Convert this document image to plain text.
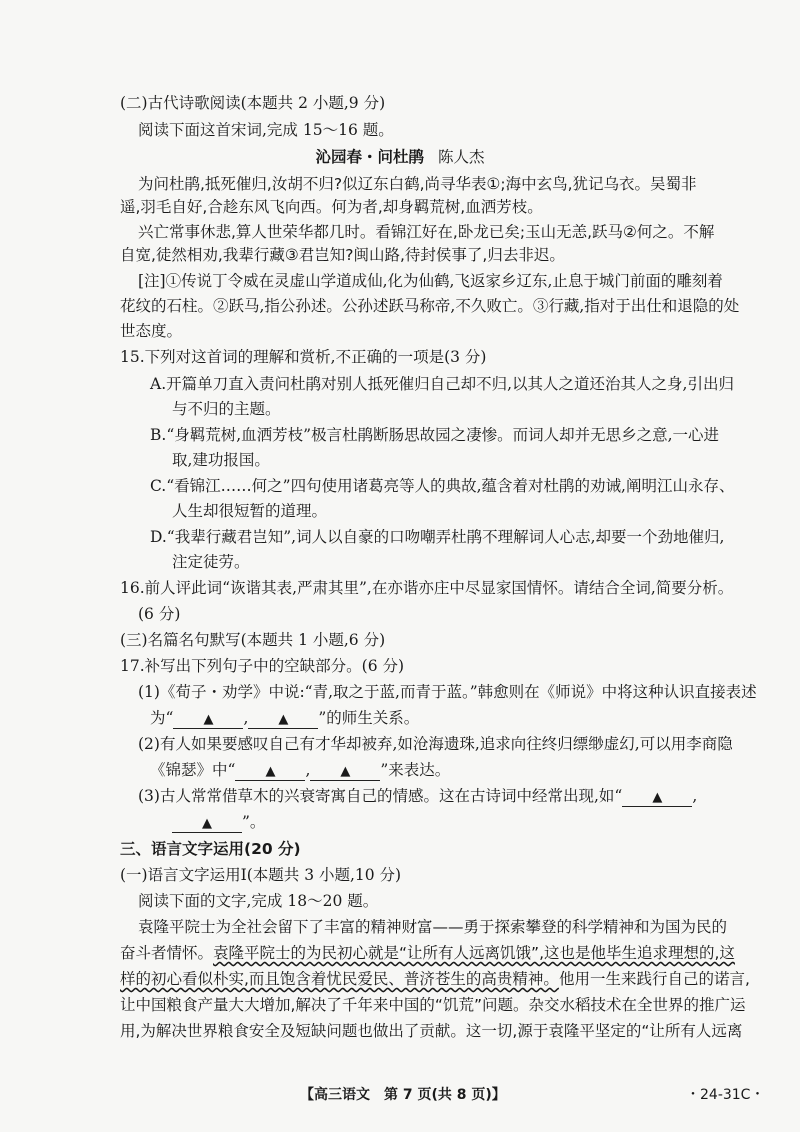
(二)古代诗歌阅读(本题共 2 小题,9 分)
阅读下面这首宋词,完成 15～16 题。
沁园春・问杜鹃 陈人杰
为问杜鹃,抵死催归,汝胡不归?似辽东白鹤,尚寻华表①;海中玄鸟,犹记乌衣。吴蜀非
遥,羽毛自好,合趁东风飞向西。何为者,却身羁荒树,血洒芳枝。
兴亡常事休悲,算人世荣华都几时。看锦江好在,卧龙已矣;玉山无恙,跃马②何之。不解
自宽,徒然相劝,我辈行藏③君岂知?闽山路,待封侯事了,归去非迟。
[注]①传说丁令威在灵虚山学道成仙,化为仙鹤,飞返家乡辽东,止息于城门前面的雕刻着
花纹的石柱。②跃马,指公孙述。公孙述跃马称帝,不久败亡。③行藏,指对于出仕和退隐的处
世态度。
15.下列对这首词的理解和赏析,不正确的一项是(3 分)
A.开篇单刀直入责问杜鹃对别人抵死催归自己却不归,以其人之道还治其人之身,引出归
与不归的主题。
B.“身羁荒树,血洒芳枝”极言杜鹃断肠思故园之凄惨。而词人却并无思乡之意,一心进
取,建功报国。
C.“看锦江……何之”四句使用诸葛亮等人的典故,蕴含着对杜鹃的劝诫,阐明江山永存、
人生却很短暂的道理。
D.“我辈行藏君岂知”,词人以自豪的口吻嘲弄杜鹃不理解词人心志,却要一个劲地催归,
注定徒劳。
16.前人评此词“诙谐其表,严肃其里”,在亦谐亦庄中尽显家国情怀。请结合全词,简要分析。
(6 分)
(三)名篇名句默写(本题共 1 小题,6 分)
17.补写出下列句子中的空缺部分。(6 分)
(1)《荀子・劝学》中说:“青,取之于蓝,而青于蓝。”韩愈则在《师说》中将这种认识直接表述
为“ ▲ , ▲ ”的师生关系。
(2)有人如果要感叹自己有才华却被弃,如沧海遗珠,追求向往终归缥缈虚幻,可以用李商隐
《锦瑟》中“ ▲ , ▲ ”来表达。
(3)古人常常借草木的兴衰寄寓自己的情感。这在古诗词中经常出现,如“ ▲ ,
▲ ”。
三、语言文字运用(20 分)
(一)语言文字运用Ⅰ(本题共 3 小题,10 分)
阅读下面的文字,完成 18～20 题。
袁隆平院士为全社会留下了丰富的精神财富——勇于探索攀登的科学精神和为国为民的
奋斗者情怀。袁隆平院士的为民初心就是“让所有人远离饥饿”,这也是他毕生追求理想的,这
样的初心看似朴实,而且饱含着忧民爱民、普济苍生的高贵精神。他用一生来践行自己的诺言,
让中国粮食产量大大增加,解决了千年来中国的“饥荒”问题。杂交水稻技术在全世界的推广运
用,为解决世界粮食安全及短缺问题也做出了贡献。这一切,源于袁隆平坚定的“让所有人远离
【高三语文　第 7 页(共 8 页)】	・24-31C・
